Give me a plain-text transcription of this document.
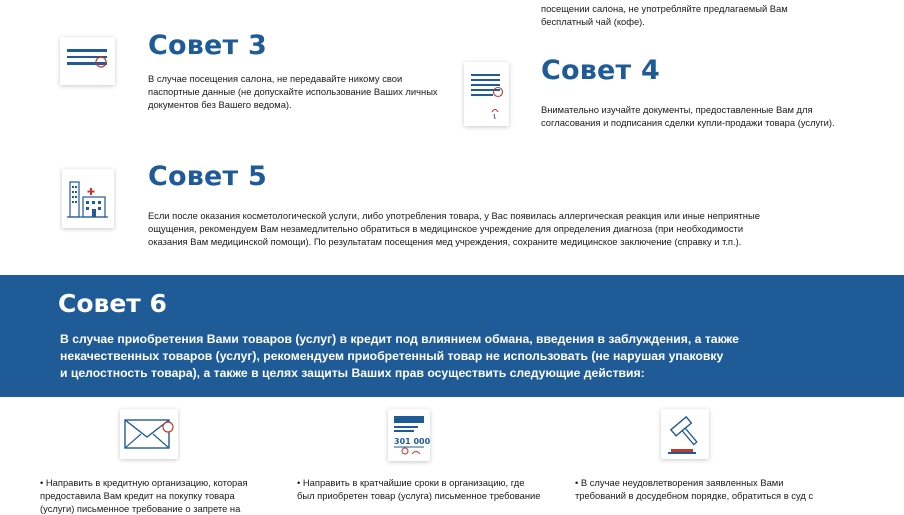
посещении салона, не употребляйте предлагаемый Вам
бесплатный чай (кофе).
Совет 3
В случае посещения салона, не передавайте никому свои
паспортные данные (не допускайте использование Ваших личных
документов без Вашего ведома).
Совет 4
Внимательно изучайте документы, предоставленные Вам для
согласования и подписания сделки купли-продажи товара (услуги).
Совет 5
Если после оказания косметологической услуги, либо употребления товара, у Вас появилась аллергическая реакция или иные неприятные
ощущения, рекомендуем Вам незамедлительно обратиться в медицинское учреждение для определения диагноза (при необходимости
оказания Вам медицинской помощи). По результатам посещения мед учреждения, сохраните медицинское заключение (справку и т.п.).
Совет 6
В случае приобретения Вами товаров (услуг) в кредит под влиянием обмана, введения в заблуждения, а также
некачественных товаров (услуг), рекомендуем приобретенный товар не использовать (не нарушая упаковку
и целостность товара), а также в целях защиты Ваших прав осуществить следующие действия:
• Направить в кредитную организацию, которая
предоставила Вам кредит на покупку товара
(услуги) письменное требование о запрете на
301 000
• Направить в кратчайшие сроки в организацию, где
был приобретен товар (услуга) письменное требование
• В случае неудовлетворения заявленных Вами
требований в досудебном порядке, обратиться в суд с
